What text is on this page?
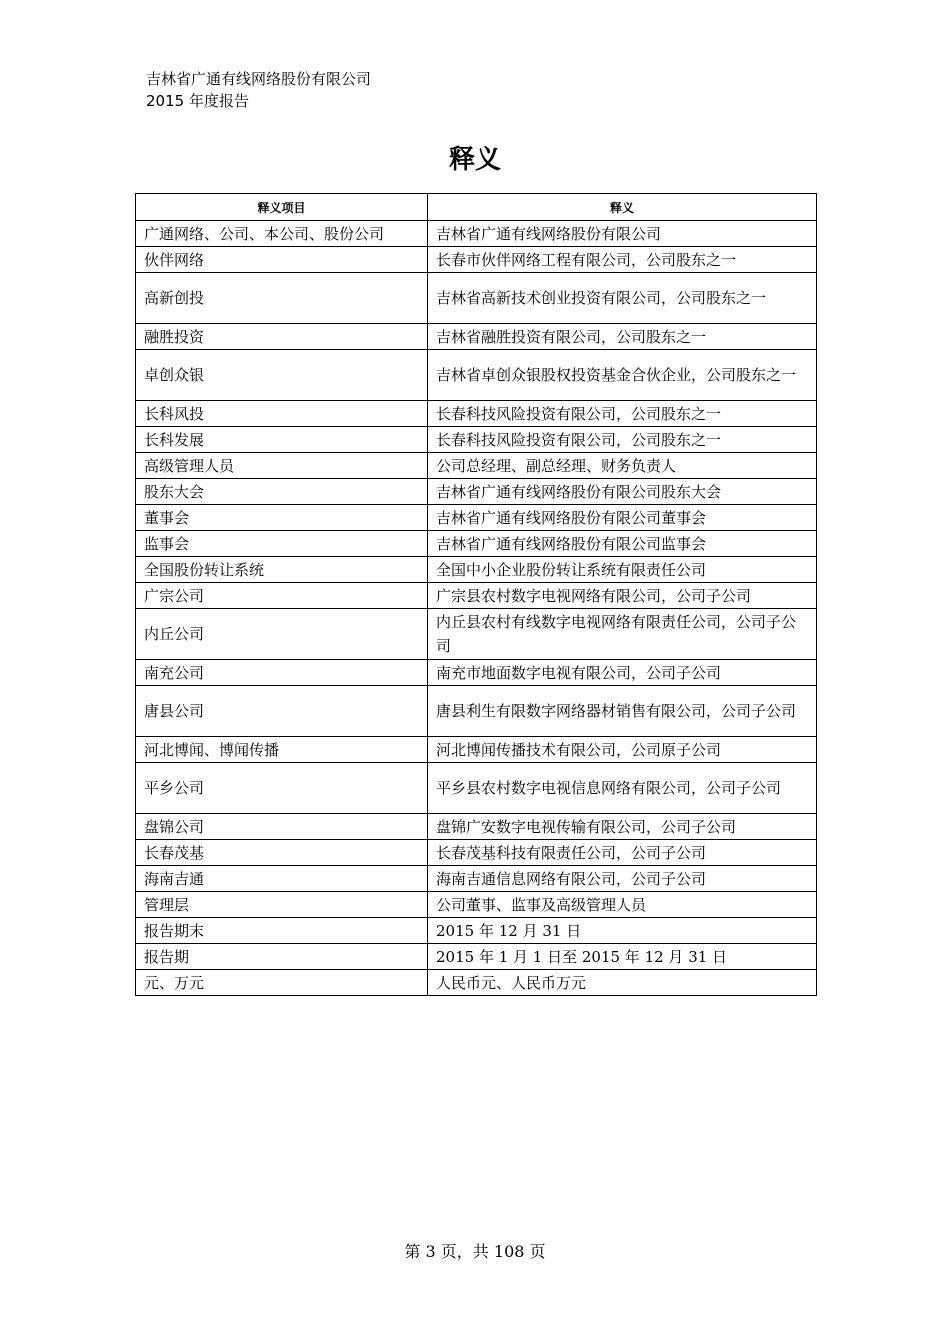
吉林省广通有线网络股份有限公司
2015 年度报告
释义
释义项目	释义
广通网络、公司、本公司、股份公司	吉林省广通有线网络股份有限公司
伙伴网络	长春市伙伴网络工程有限公司，公司股东之一
高新创投	吉林省高新技术创业投资有限公司，公司股东之一
融胜投资	吉林省融胜投资有限公司，公司股东之一
卓创众银	吉林省卓创众银股权投资基金合伙企业，公司股东之一
长科风投	长春科技风险投资有限公司，公司股东之一
长科发展	长春科技风险投资有限公司，公司股东之一
高级管理人员	公司总经理、副总经理、财务负责人
股东大会	吉林省广通有线网络股份有限公司股东大会
董事会	吉林省广通有线网络股份有限公司董事会
监事会	吉林省广通有线网络股份有限公司监事会
全国股份转让系统	全国中小企业股份转让系统有限责任公司
广宗公司	广宗县农村数字电视网络有限公司，公司子公司
内丘公司	内丘县农村有线数字电视网络有限责任公司，公司子公司
南充公司	南充市地面数字电视有限公司，公司子公司
唐县公司	唐县利生有限数字网络器材销售有限公司，公司子公司
河北博闻、博闻传播	河北博闻传播技术有限公司，公司原子公司
平乡公司	平乡县农村数字电视信息网络有限公司，公司子公司
盘锦公司	盘锦广安数字电视传输有限公司，公司子公司
长春茂基	长春茂基科技有限责任公司，公司子公司
海南吉通	海南吉通信息网络有限公司，公司子公司
管理层	公司董事、监事及高级管理人员
报告期末	2015 年 12 月 31 日
报告期	2015 年 1 月 1 日至 2015 年 12 月 31 日
元、万元	人民币元、人民币万元
第 3 页，共 108 页
